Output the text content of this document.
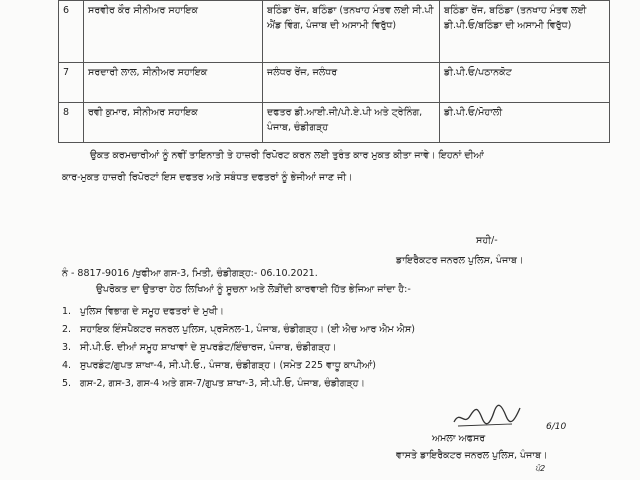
6	ਸਰਵੀਰ ਕੌਰ ਸੀਨੀਅਰ ਸਹਾਇਕ	ਬਠਿੰਡਾ ਰੇਂਜ, ਬਠਿੰਡਾ (ਤਨਖਾਹ ਮੰਤਵ ਲਈ ਸੀ.ਪੀ ਐਂਡ ਵਿੰਗ, ਪੰਜਾਬ ਦੀ ਅਸਾਮੀ ਵਿਰੁੱਧ)	ਬਠਿੰਡਾ ਰੇਂਜ, ਬਠਿੰਡਾ (ਤਨਖਾਹ ਮੰਤਵ ਲਈ ਡੀ.ਪੀ.ਓ/ਬਠਿੰਡਾ ਦੀ ਅਸਾਮੀ ਵਿਰੁੱਧ)
7	ਸਰਦਾਰੀ ਲਾਲ, ਸੀਨੀਅਰ ਸਹਾਇਕ	ਜਲੰਧਰ ਰੇਂਜ, ਜਲੰਧਰ	ਡੀ.ਪੀ.ਓ/ਪਠਾਨਕੋਟ
8	ਰਵੀ ਕੁਮਾਰ, ਸੀਨੀਅਰ ਸਹਾਇਕ	ਦਫਤਰ ਡੀ.ਆਈ.ਜੀ/ਪੀ.ਏ.ਪੀ ਅਤੇ ਟ੍ਰੇਨਿੰਗ, ਪੰਜਾਬ, ਚੰਡੀਗੜ੍ਹ	ਡੀ.ਪੀ.ਓ/ਮੋਹਾਲੀ
ਉਕਤ ਕਰਮਚਾਰੀਆਂ ਨੂੰ ਨਵੀਂ ਤਾਇਨਾਤੀ ਤੇ ਹਾਜ਼ਰੀ ਰਿਪੋਰਟ ਕਰਨ ਲਈ ਤੁਰੰਤ ਕਾਰ ਮੁਕਤ ਕੀਤਾ ਜਾਵੇ। ਇਹਨਾਂ ਦੀਆਂ
ਕਾਰ-ਮੁਕਤ ਹਾਜ਼ਰੀ ਰਿਪੋਰਟਾਂ ਇਸ ਦਫਤਰ ਅਤੇ ਸਬੰਧਤ ਦਫਤਰਾਂ ਨੂੰ ਭੇਜੀਆਂ ਜਾਣ ਜੀ।
ਸਹੀ/-
ਡਾਇਰੈਕਟਰ ਜਨਰਲ ਪੁਲਿਸ, ਪੰਜਾਬ।
ਨੰ - 8817-9016 /ਖੁਫੀਆ ਗਸ-3, ਮਿਤੀ, ਚੰਡੀਗੜ੍ਹ:- 06.10.2021.
ਉਪਰੋਕਤ ਦਾ ਉਤਾਰਾ ਹੇਠ ਲਿਖਿਆਂ ਨੂੰ ਸੂਚਨਾ ਅਤੇ ਲੋੜੀਂਦੀ ਕਾਰਵਾਈ ਹਿੱਤ ਭੇਜਿਆ ਜਾਂਦਾ ਹੈ:-
1. ਪੁਲਿਸ ਵਿਭਾਗ ਦੇ ਸਮੂਹ ਦਫਤਰਾਂ ਦੇ ਮੁਖੀ।
2. ਸਹਾਇਕ ਇੰਸਪੈਕਟਰ ਜਨਰਲ ਪੁਲਿਸ, ਪ੍ਰਸੋਨਲ-1, ਪੰਜਾਬ, ਚੰਡੀਗੜ੍ਹ। (ਈ ਐਚ ਆਰ ਐਮ ਐਸ)
3. ਸੀ.ਪੀ.ਓ. ਦੀਆਂ ਸਮੂਹ ਸ਼ਾਖਾਵਾਂ ਦੇ ਸੁਪਰਡੰਟ/ਇੰਚਾਰਜ, ਪੰਜਾਬ, ਚੰਡੀਗੜ੍ਹ।
4. ਸੁਪਰਡੰਟ/ਗੁਪਤ ਸ਼ਾਖਾ-4, ਸੀ.ਪੀ.ਓ., ਪੰਜਾਬ, ਚੰਡੀਗੜ੍ਹ। (ਸਮੇਤ 225 ਵਾਧੂ ਕਾਪੀਆਂ)
5. ਗਸ-2, ਗਸ-3, ਗਸ-4 ਅਤੇ ਗਸ-7/ਗੁਪਤ ਸ਼ਾਖਾ-3, ਸੀ.ਪੀ.ਓ, ਪੰਜਾਬ, ਚੰਡੀਗੜ੍ਹ।
6/10
ਅਮਲਾ ਅਫਸਰ
ਵਾਸਤੇ ਡਾਇਰੈਕਟਰ ਜਨਰਲ ਪੁਲਿਸ, ਪੰਜਾਬ।
ਪੰ2
